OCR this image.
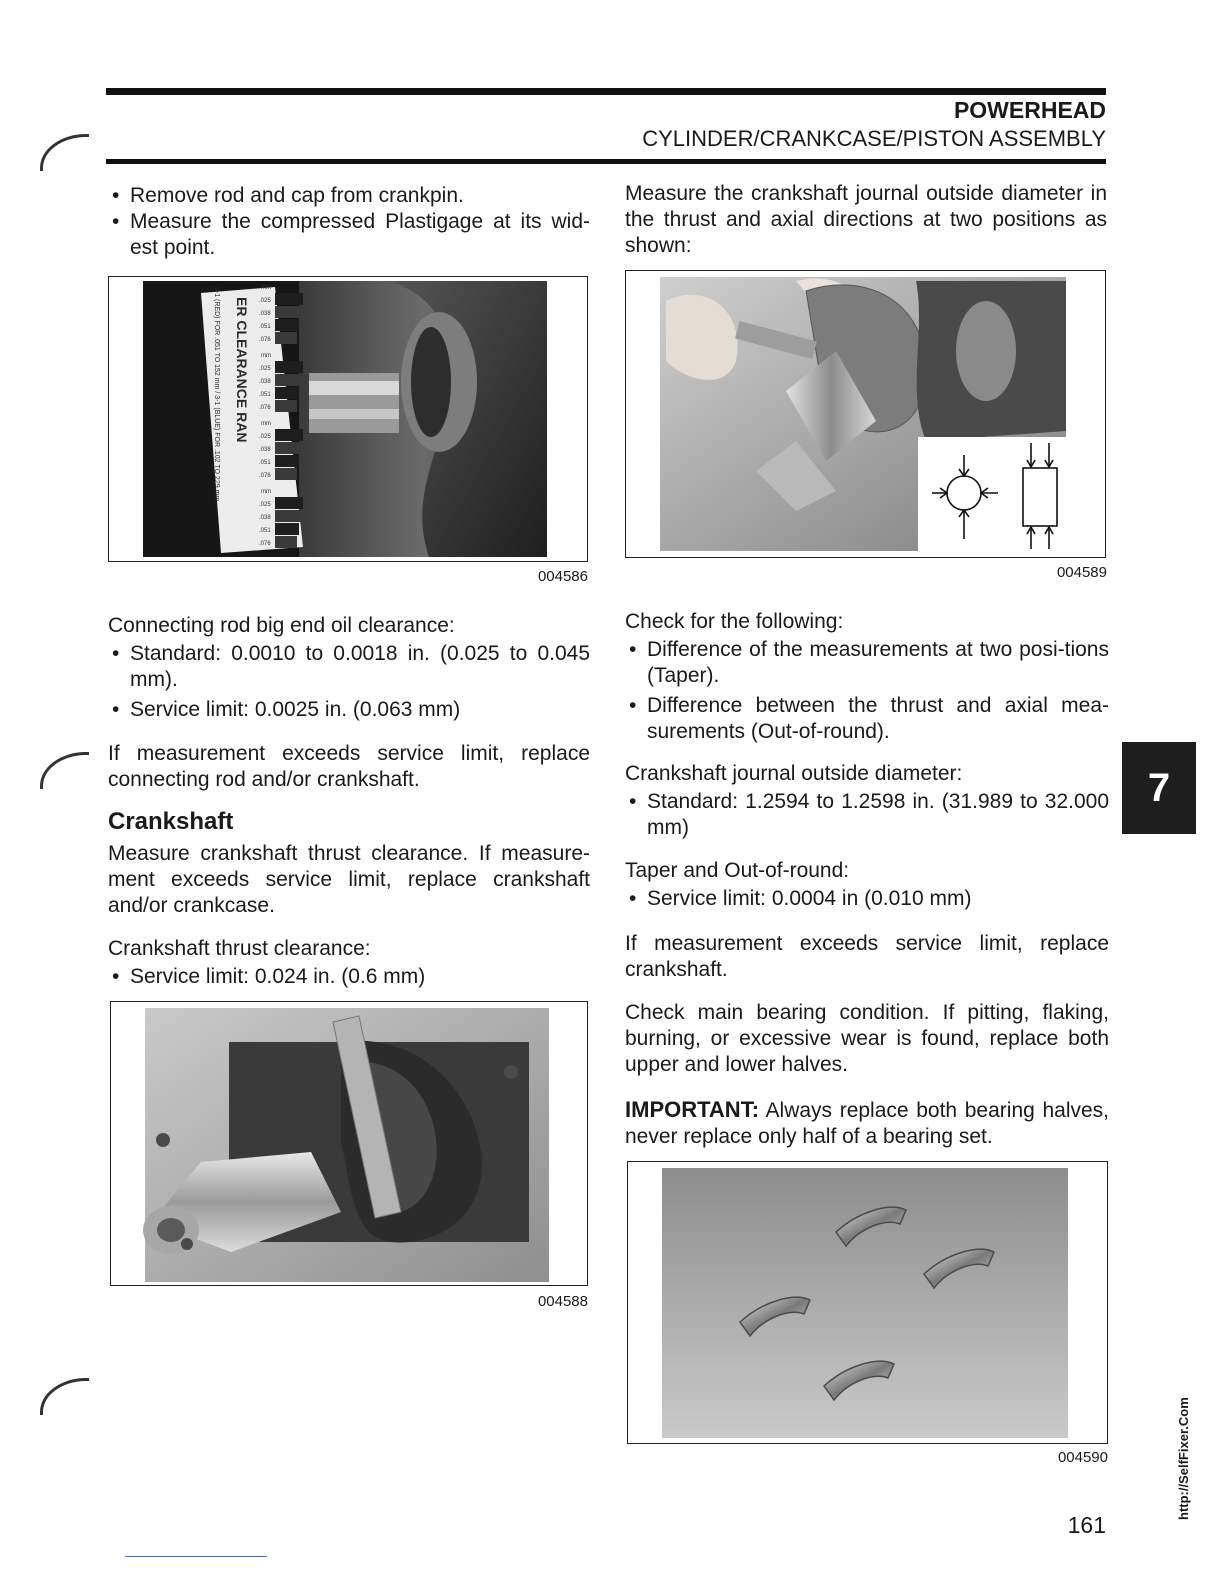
POWERHEAD
CYLINDER/CRANKCASE/PISTON ASSEMBLY
• Remove rod and cap from crankpin.
• Measure the compressed Plastigage at its wid-est point.
ER CLEARANCE RAN
9-1 (RED) FOR .051 TO 152 mm / 3-1 (BLUE) FOR .102 TO 229 mm	mm
.025
.038
.051
.076
mm
.025
.038
.051
.076
mm
.025
.038
.051
.076
mm
.025
.038
.051
.076
004586

Connecting rod big end oil clearance:

• Standard: 0.0010 to 0.0018 in. (0.025 to 0.045 mm).
• Service limit: 0.0025 in. (0.063 mm)

If measurement exceeds service limit, replace connecting rod and/or crankshaft.

Crankshaft
Measure crankshaft thrust clearance. If measure-ment exceeds service limit, replace crankshaft and/or crankcase.

Crankshaft thrust clearance:

• Service limit: 0.024 in. (0.6 mm)
004588
Measure the crankshaft journal outside diameter in the thrust and axial directions at two positions as shown:
004589

Check for the following:

• Difference of the measurements at two posi-tions (Taper).
• Difference between the thrust and axial mea-surements (Out-of-round).

Crankshaft journal outside diameter:

• Standard: 1.2594 to 1.2598 in. (31.989 to 32.000 mm)

Taper and Out-of-round:

• Service limit: 0.0004 in (0.010 mm)
If measurement exceeds service limit, replace crankshaft.
Check main bearing condition. If pitting, flaking, burning, or excessive wear is found, replace both upper and lower halves.
IMPORTANT: Always replace both bearing halves, never replace only half of a bearing set.
004590
7
161
http://SelfFixer.Com
